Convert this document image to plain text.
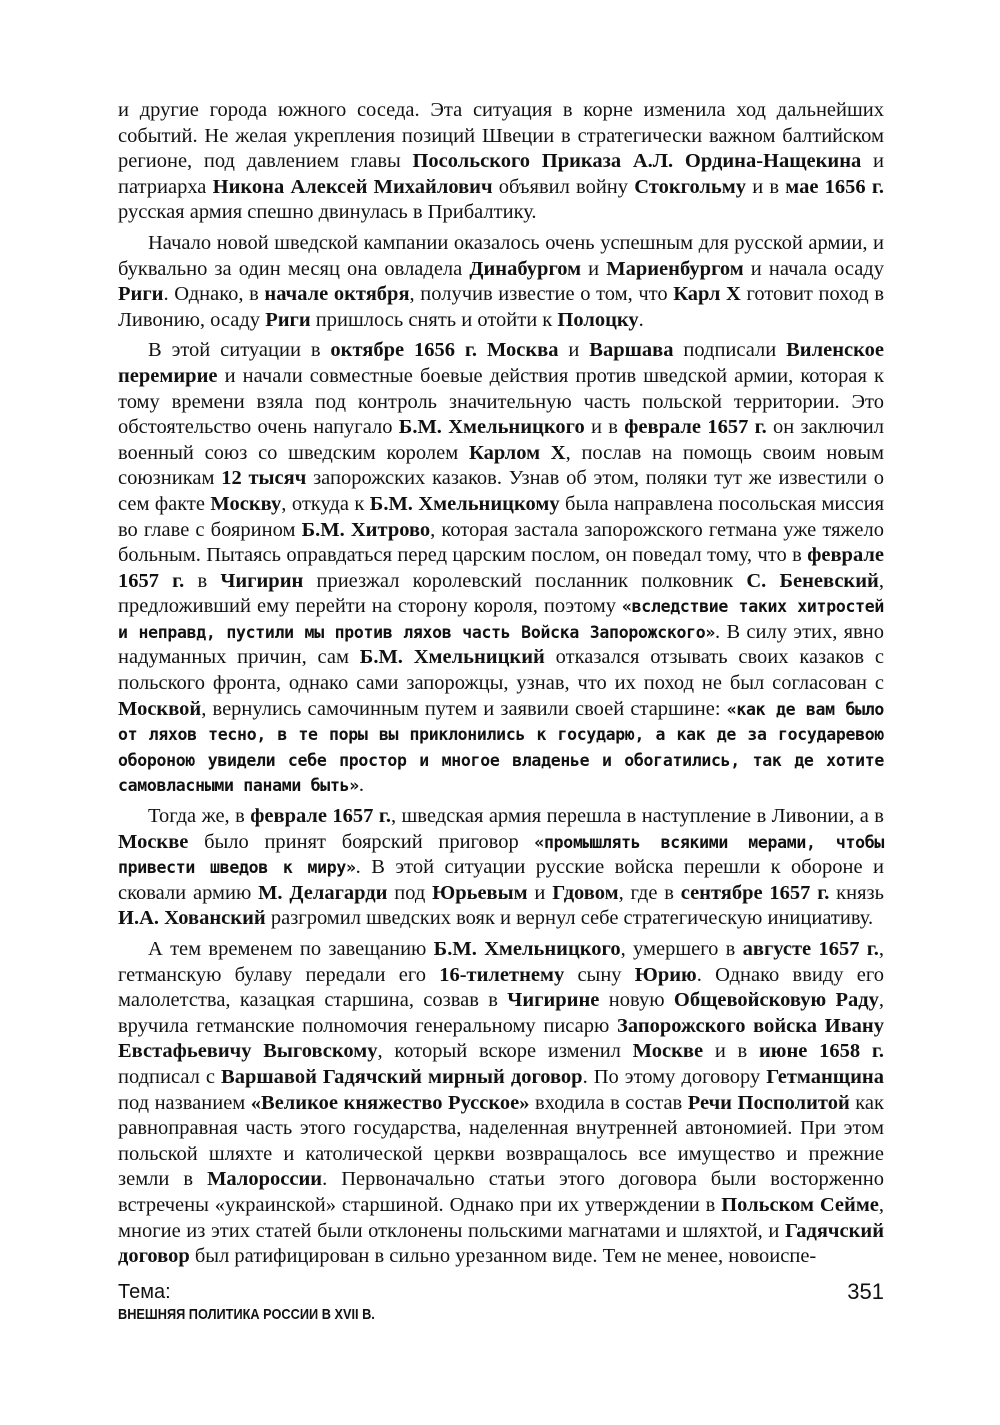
и другие города южного соседа. Эта ситуация в корне изменила ход дальнейших событий. Не желая укрепления позиций Швеции в стратегически важном балтийском регионе, под давлением главы Посольского Приказа А.Л. Ордина-Нащекина и патриарха Никона Алексей Михайлович объявил войну Стокгольму и в мае 1656 г. русская армия спешно двинулась в Прибалтику.

Начало новой шведской кампании оказалось очень успешным для русской армии, и буквально за один месяц она овладела Динабургом и Мариенбургом и начала осаду Риги. Однако, в начале октября, получив известие о том, что Карл X готовит поход в Ливонию, осаду Риги пришлось снять и отойти к Полоцку.

В этой ситуации в октябре 1656 г. Москва и Варшава подписали Виленское перемирие и начали совместные боевые действия против шведской армии, которая к тому времени взяла под контроль значительную часть польской территории. Это обстоятельство очень напугало Б.М. Хмельницкого и в феврале 1657 г. он заключил военный союз со шведским королем Карлом X, послав на помощь своим новым союзникам 12 тысяч запорожских казаков. Узнав об этом, поляки тут же известили о сем факте Москву, откуда к Б.М. Хмельницкому была направлена посольская миссия во главе с боярином Б.М. Хитрово, которая застала запорожского гетмана уже тяжело больным. Пытаясь оправдаться перед царским послом, он поведал тому, что в феврале 1657 г. в Чигирин приезжал королевский посланник полковник С. Беневский, предложивший ему перейти на сторону короля, поэтому «вследствие таких хитростей и неправд, пустили мы против ляхов часть Войска Запорожского». В силу этих, явно надуманных причин, сам Б.М. Хмельницкий отказался отзывать своих казаков с польского фронта, однако сами запорожцы, узнав, что их поход не был согласован с Москвой, вернулись самочинным путем и заявили своей старшине: «как де вам было от ляхов тесно, в те поры вы приклонились к государю, а как де за государевою обороною увидели себе простор и многое владенье и обогатились, так де хотите самовласными панами быть».

Тогда же, в феврале 1657 г., шведская армия перешла в наступление в Ливонии, а в Москве было принят боярский приговор «промышлять всякими мерами, чтобы привести шведов к миру». В этой ситуации русские войска перешли к обороне и сковали армию М. Делагарди под Юрьевым и Гдовом, где в сентябре 1657 г. князь И.А. Хованский разгромил шведских вояк и вернул себе стратегическую инициативу.

А тем временем по завещанию Б.М. Хмельницкого, умершего в августе 1657 г., гетманскую булаву передали его 16-тилетнему сыну Юрию. Однако ввиду его малолетства, казацкая старшина, созвав в Чигирине новую Общевойсковую Раду, вручила гетманские полномочия генеральному писарю Запорожского войска Ивану Евстафьевичу Выговскому, который вскоре изменил Москве и в июне 1658 г. подписал с Варшавой Гадячский мирный договор. По этому договору Гетманщина под названием «Великое княжество Русское» входила в состав Речи Посполитой как равноправная часть этого государства, наделенная внутренней автономией. При этом польской шляхте и католической церкви возвращалось все имущество и прежние земли в Малороссии. Первоначально статьи этого договора были восторженно встречены «украинской» старшиной. Однако при их утверждении в Польском Сейме, многие из этих статей были отклонены польскими магнатами и шляхтой, и Гадячский договор был ратифицирован в сильно урезанном виде. Тем не менее, новоиспе-

Тема:
ВНЕШНЯЯ ПОЛИТИКА РОССИИ В XVII В.
351
